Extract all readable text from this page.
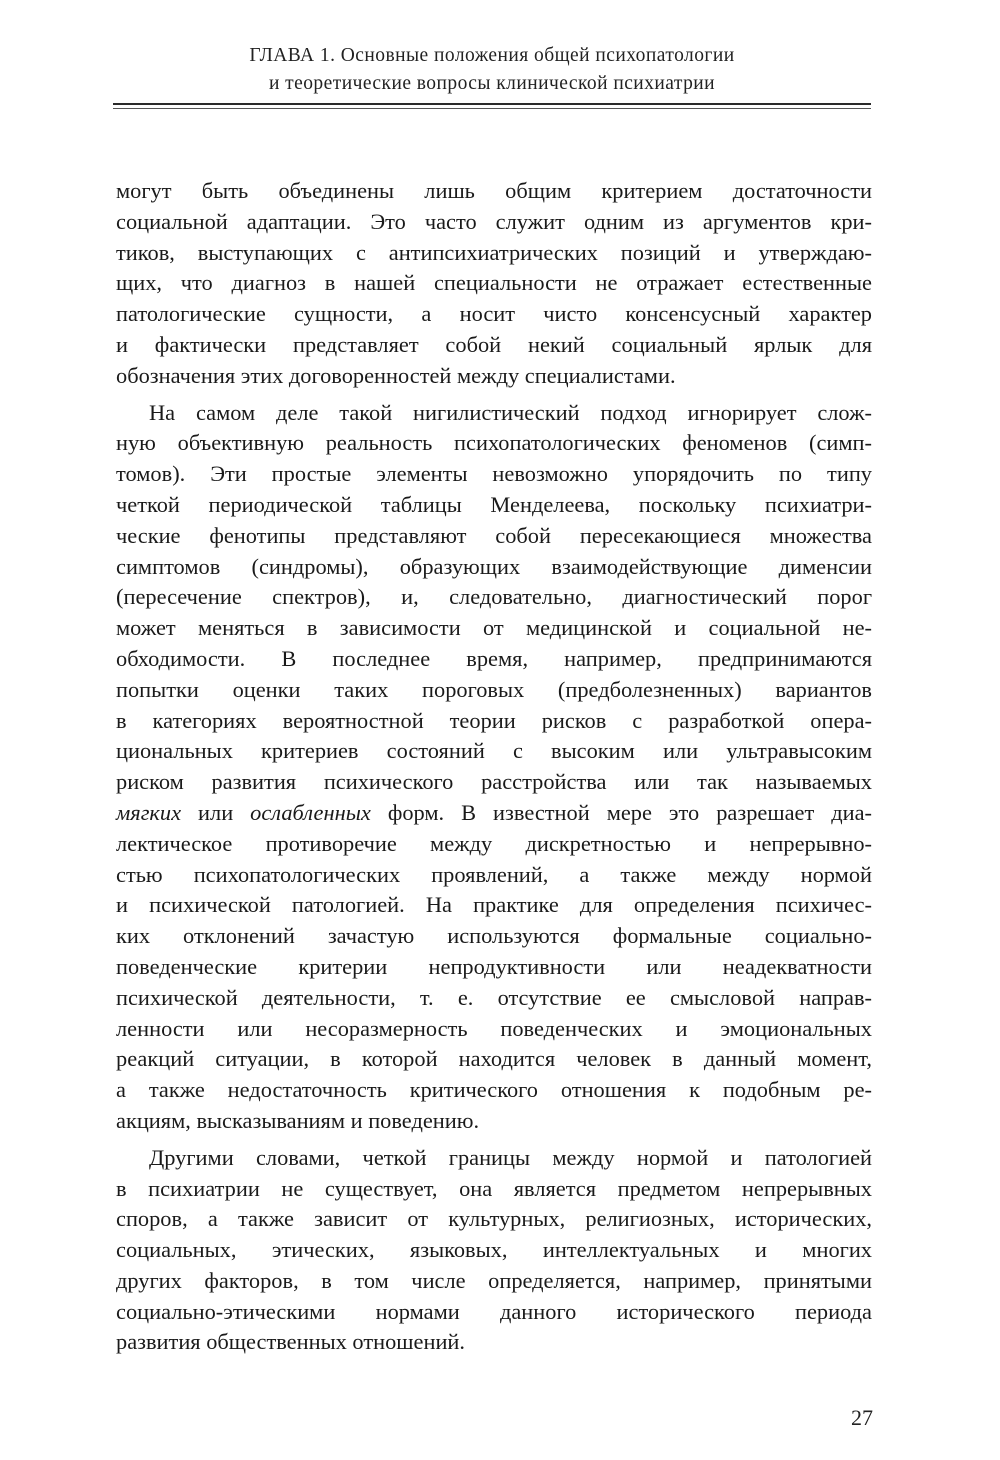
ГЛАВА 1. Основные положения общей психопатологии
и теоретические вопросы клинической психиатрии
могут быть объединены лишь общим критерием достаточности
социальной адаптации. Это часто служит одним из аргументов кри-
тиков, выступающих с антипсихиатрических позиций и утверждаю-
щих, что диагноз в нашей специальности не отражает естественные
патологические сущности, а носит чисто консенсусный характер
и фактически представляет собой некий социальный ярлык для
обозначения этих договоренностей между специалистами.
На самом деле такой нигилистический подход игнорирует слож-
ную объективную реальность психопатологических феноменов (симп-
томов). Эти простые элементы невозможно упорядочить по типу
четкой периодической таблицы Менделеева, поскольку психиатри-
ческие фенотипы представляют собой пересекающиеся множества
симптомов (синдромы), образующих взаимодействующие димeнсии
(пересечение спектров), и, следовательно, диагностический порог
может меняться в зависимости от медицинской и социальной не-
обходимости. В последнее время, например, предпринимаются
попытки оценки таких пороговых (предболезненных) вариантов
в категориях вероятностной теории рисков с разработкой опера-
циональных критериев состояний с высоким или ультравысоким
риском развития психического расстройства или так называемых
мягких или ослабленных форм. В известной мере это разрешает диа-
лектическое противоречие между дискретностью и непрерывно-
стью психопатологических проявлений, а также между нормой
и психической патологией. На практике для определения психичес-
ких отклонений зачастую используются формальные социально-
поведенческие критерии непродуктивности или неадекватности
психической деятельности, т. е. отсутствие ее смысловой направ-
ленности или несоразмерность поведенческих и эмоциональных
реакций ситуации, в которой находится человек в данный момент,
а также недостаточность критического отношения к подобным ре-
акциям, высказываниям и поведению.
Другими словами, четкой границы между нормой и патологией
в психиатрии не существует, она является предметом непрерывных
споров, а также зависит от культурных, религиозных, исторических,
социальных, этических, языковых, интеллектуальных и многих
других факторов, в том числе определяется, например, принятыми
социально-этическими нормами данного исторического периода
развития общественных отношений.
27
